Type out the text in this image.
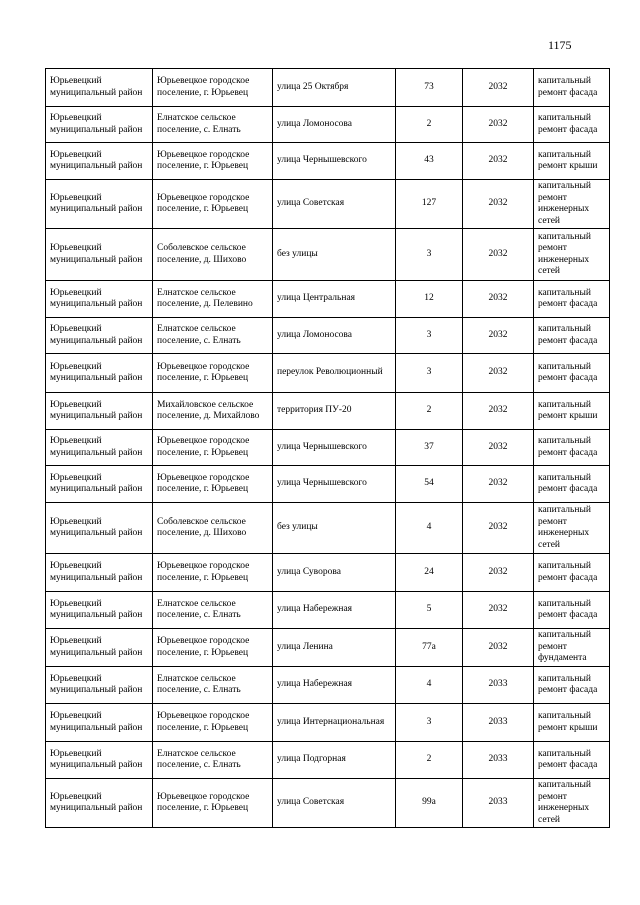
1175
Юрьевецкий муниципальный район	Юрьевецкое городское поселение, г. Юрьевец	улица 25 Октября	73	2032	капитальный ремонт фасада
Юрьевецкий муниципальный район	Елнатское сельское поселение, с. Елнать	улица Ломоносова	2	2032	капитальный ремонт фасада
Юрьевецкий муниципальный район	Юрьевецкое городское поселение, г. Юрьевец	улица Чернышевского	43	2032	капитальный ремонт крыши
Юрьевецкий муниципальный район	Юрьевецкое городское поселение, г. Юрьевец	улица Советская	127	2032	капитальный ремонт инженерных сетей
Юрьевецкий муниципальный район	Соболевское сельское поселение, д. Шихово	без улицы	3	2032	капитальный ремонт инженерных сетей
Юрьевецкий муниципальный район	Елнатское сельское поселение, д. Пелевино	улица Центральная	12	2032	капитальный ремонт фасада
Юрьевецкий муниципальный район	Елнатское сельское поселение, с. Елнать	улица Ломоносова	3	2032	капитальный ремонт фасада
Юрьевецкий муниципальный район	Юрьевецкое городское поселение, г. Юрьевец	переулок Революционный	3	2032	капитальный ремонт фасада
Юрьевецкий муниципальный район	Михайловское сельское поселение, д. Михайлово	территория ПУ-20	2	2032	капитальный ремонт крыши
Юрьевецкий муниципальный район	Юрьевецкое городское поселение, г. Юрьевец	улица Чернышевского	37	2032	капитальный ремонт фасада
Юрьевецкий муниципальный район	Юрьевецкое городское поселение, г. Юрьевец	улица Чернышевского	54	2032	капитальный ремонт фасада
Юрьевецкий муниципальный район	Соболевское сельское поселение, д. Шихово	без улицы	4	2032	капитальный ремонт инженерных сетей
Юрьевецкий муниципальный район	Юрьевецкое городское поселение, г. Юрьевец	улица Суворова	24	2032	капитальный ремонт фасада
Юрьевецкий муниципальный район	Елнатское сельское поселение, с. Елнать	улица Набережная	5	2032	капитальный ремонт фасада
Юрьевецкий муниципальный район	Юрьевецкое городское поселение, г. Юрьевец	улица Ленина	77а	2032	капитальный ремонт фундамента
Юрьевецкий муниципальный район	Елнатское сельское поселение, с. Елнать	улица Набережная	4	2033	капитальный ремонт фасада
Юрьевецкий муниципальный район	Юрьевецкое городское поселение, г. Юрьевец	улица Интернациональная	3	2033	капитальный ремонт крыши
Юрьевецкий муниципальный район	Елнатское сельское поселение, с. Елнать	улица Подгорная	2	2033	капитальный ремонт фасада
Юрьевецкий муниципальный район	Юрьевецкое городское поселение, г. Юрьевец	улица Советская	99а	2033	капитальный ремонт инженерных сетей
